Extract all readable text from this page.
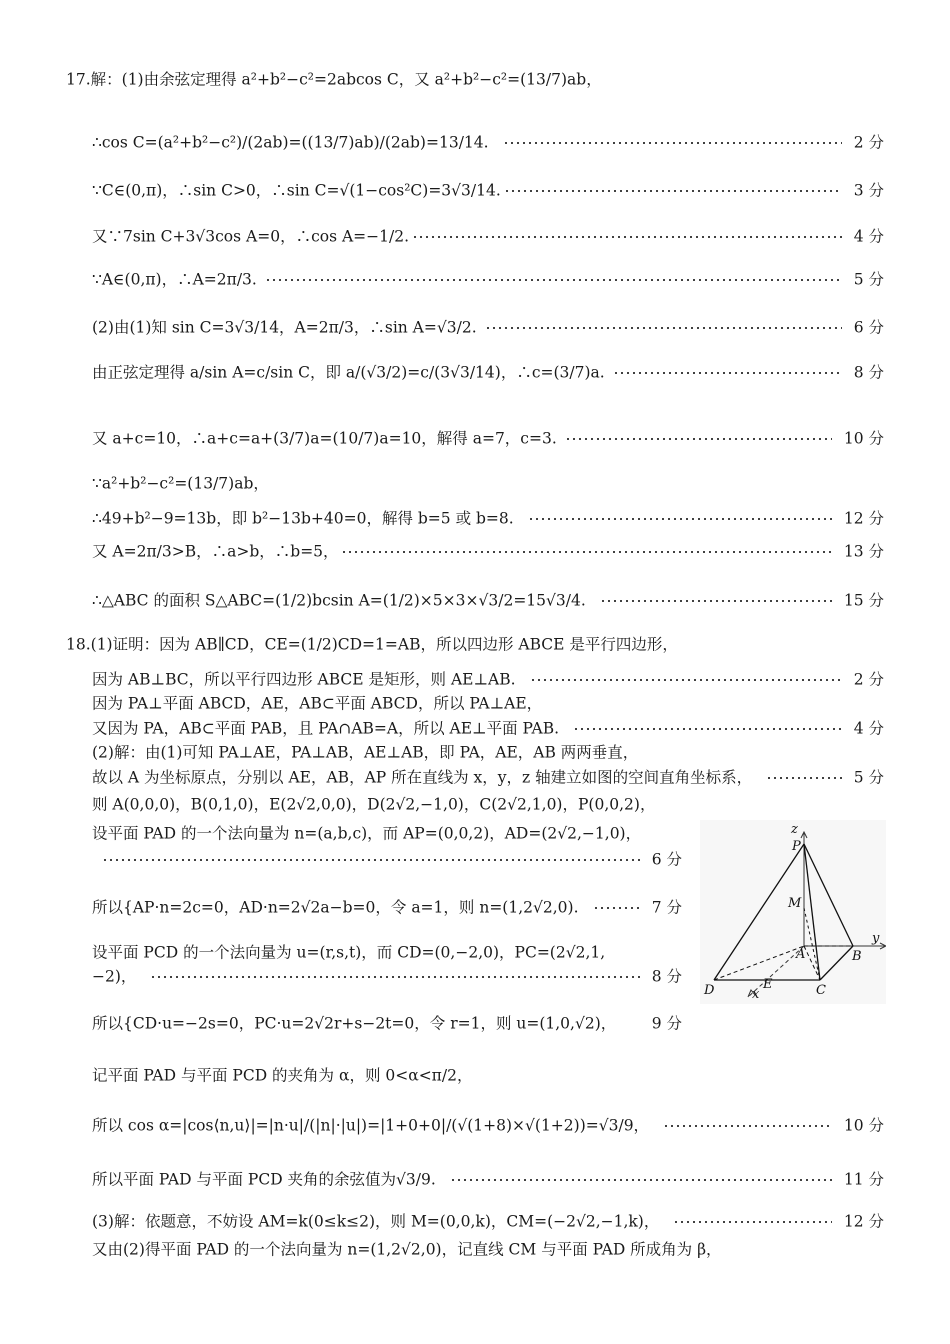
17.解：(1)由余弦定理得 a²+b²−c²=2abcos C，又 a²+b²−c²=(13/7)ab，
∴cos C=(a²+b²−c²)/(2ab)=((13/7)ab)/(2ab)=13/14.	2 分
∵C∈(0,π)，∴sin C>0，∴sin C=√(1−cos²C)=3√3/14.	3 分
又∵7sin C+3√3cos A=0，∴cos A=−1/2.	4 分
∵A∈(0,π)，∴A=2π/3.	5 分
(2)由(1)知 sin C=3√3/14，A=2π/3，∴sin A=√3/2.	6 分
由正弦定理得 a/sin A=c/sin C，即 a/(√3/2)=c/(3√3/14)，∴c=(3/7)a.	8 分
又 a+c=10，∴a+c=a+(3/7)a=(10/7)a=10，解得 a=7，c=3.	10 分
∵a²+b²−c²=(13/7)ab，
∴49+b²−9=13b，即 b²−13b+40=0，解得 b=5 或 b=8.	12 分
又 A=2π/3>B，∴a>b，∴b=5，	13 分
∴△ABC 的面积 S△ABC=(1/2)bcsin A=(1/2)×5×3×√3/2=15√3/4.	15 分
18.(1)证明：因为 AB∥CD，CE=(1/2)CD=1=AB，所以四边形 ABCE 是平行四边形，
因为 AB⊥BC，所以平行四边形 ABCE 是矩形，则 AE⊥AB.	2 分
因为 PA⊥平面 ABCD，AE，AB⊂平面 ABCD，所以 PA⊥AE，
又因为 PA，AB⊂平面 PAB，且 PA∩AB=A，所以 AE⊥平面 PAB.	4 分
(2)解：由(1)可知 PA⊥AE，PA⊥AB，AE⊥AB，即 PA，AE，AB 两两垂直，
故以 A 为坐标原点，分别以 AE，AB，AP 所在直线为 x，y，z 轴建立如图的空间直角坐标系，	5 分
则 A(0,0,0)，B(0,1,0)，E(2√2,0,0)，D(2√2,−1,0)，C(2√2,1,0)，P(0,0,2)，
设平面 PAD 的一个法向量为 n=(a,b,c)，而 AP=(0,0,2)，AD=(2√2,−1,0)，
6 分
所以{AP·n=2c=0，AD·n=2√2a−b=0，令 a=1，则 n=(1,2√2,0).	7 分
设平面 PCD 的一个法向量为 u=(r,s,t)，而 CD=(0,−2,0)，PC=(2√2,1,
−2)，	8 分
所以{CD·u=−2s=0，PC·u=2√2r+s−2t=0，令 r=1，则 u=(1,0,√2)， 9 分
记平面 PAD 与平面 PCD 的夹角为 α，则 0<α<π/2，
所以 cos α=|cos⟨n,u⟩|=|n·u|/(|n|·|u|)=|1+0+0|/(√(1+8)×√(1+2))=√3/9，	10 分
所以平面 PAD 与平面 PCD 夹角的余弦值为√3/9.	11 分
(3)解：依题意，不妨设 AM=k(0≤k≤2)，则 M=(0,0,k)，CM=(−2√2,−1,k)，	12 分
又由(2)得平面 PAD 的一个法向量为 n=(1,2√2,0)，记直线 CM 与平面 PAD 所成角为 β，
z
P
M
A
y
B
D	E	C
x
